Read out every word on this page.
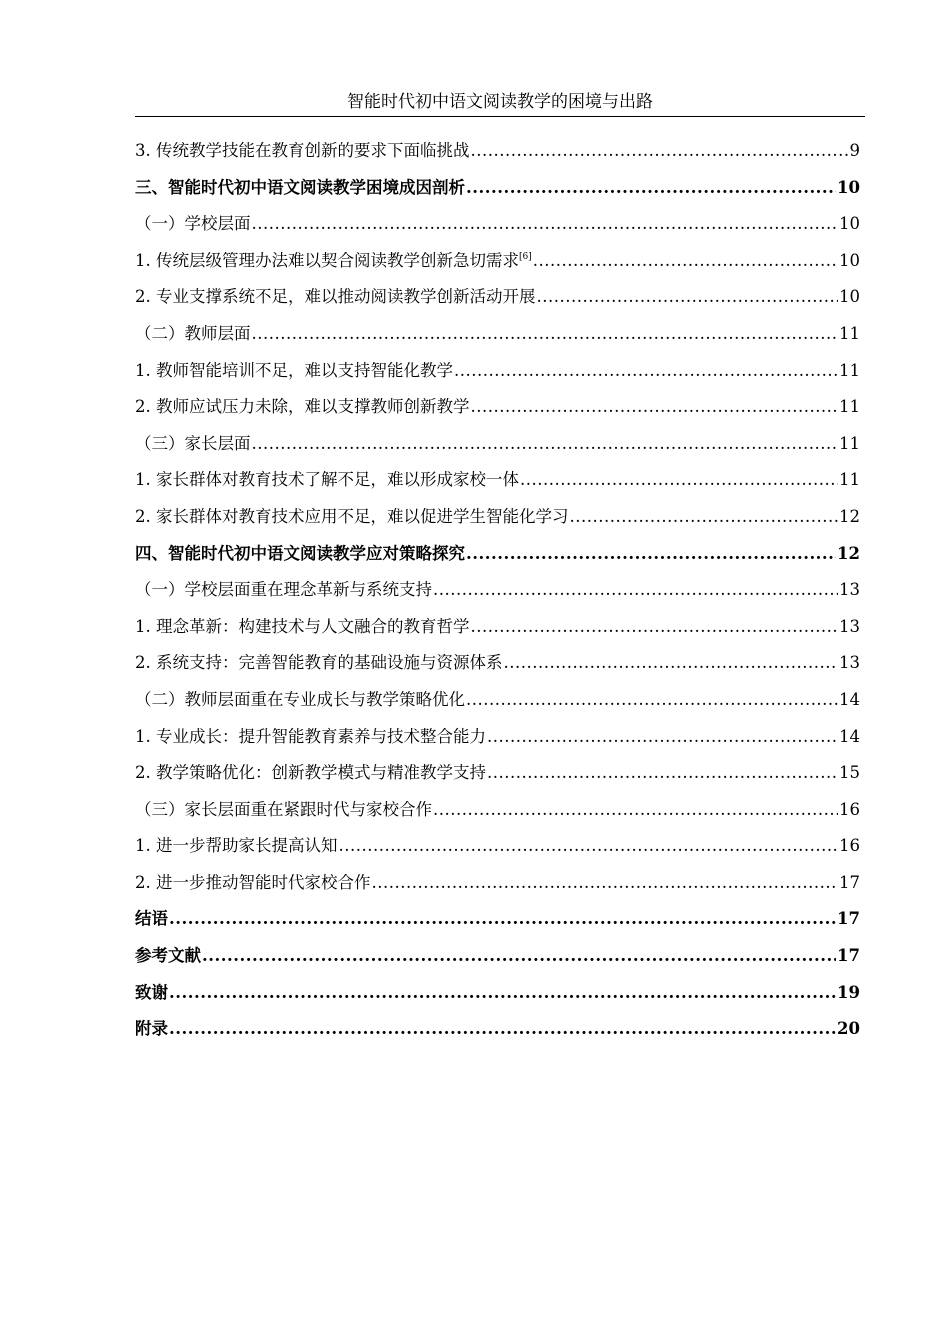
智能时代初中语文阅读教学的困境与出路
3. 传统教学技能在教育创新的要求下面临挑战 .....	9
三、智能时代初中语文阅读教学困境成因剖析 .....	10
（一）学校层面 .....	10
1. 传统层级管理办法难以契合阅读教学创新急切需求[6] .....	10
2. 专业支撑系统不足，难以推动阅读教学创新活动开展 .....	10
（二）教师层面 .....	11
1. 教师智能培训不足，难以支持智能化教学 .....	11
2. 教师应试压力未除，难以支撑教师创新教学 .....	11
（三）家长层面 .....	11
1. 家长群体对教育技术了解不足，难以形成家校一体 .....	11
2. 家长群体对教育技术应用不足，难以促进学生智能化学习 .....	12
四、智能时代初中语文阅读教学应对策略探究 .....	12
（一）学校层面重在理念革新与系统支持 .....	13
1. 理念革新：构建技术与人文融合的教育哲学 .....	13
2. 系统支持：完善智能教育的基础设施与资源体系 .....	13
（二）教师层面重在专业成长与教学策略优化 .....	14
1. 专业成长：提升智能教育素养与技术整合能力 .....	14
2. 教学策略优化：创新教学模式与精准教学支持 .....	15
（三）家长层面重在紧跟时代与家校合作 .....	16
1. 进一步帮助家长提高认知 .....	16
2. 进一步推动智能时代家校合作 .....	17
结语 .....	17
参考文献 .....	17
致谢 .....	19
附录 .....	20
